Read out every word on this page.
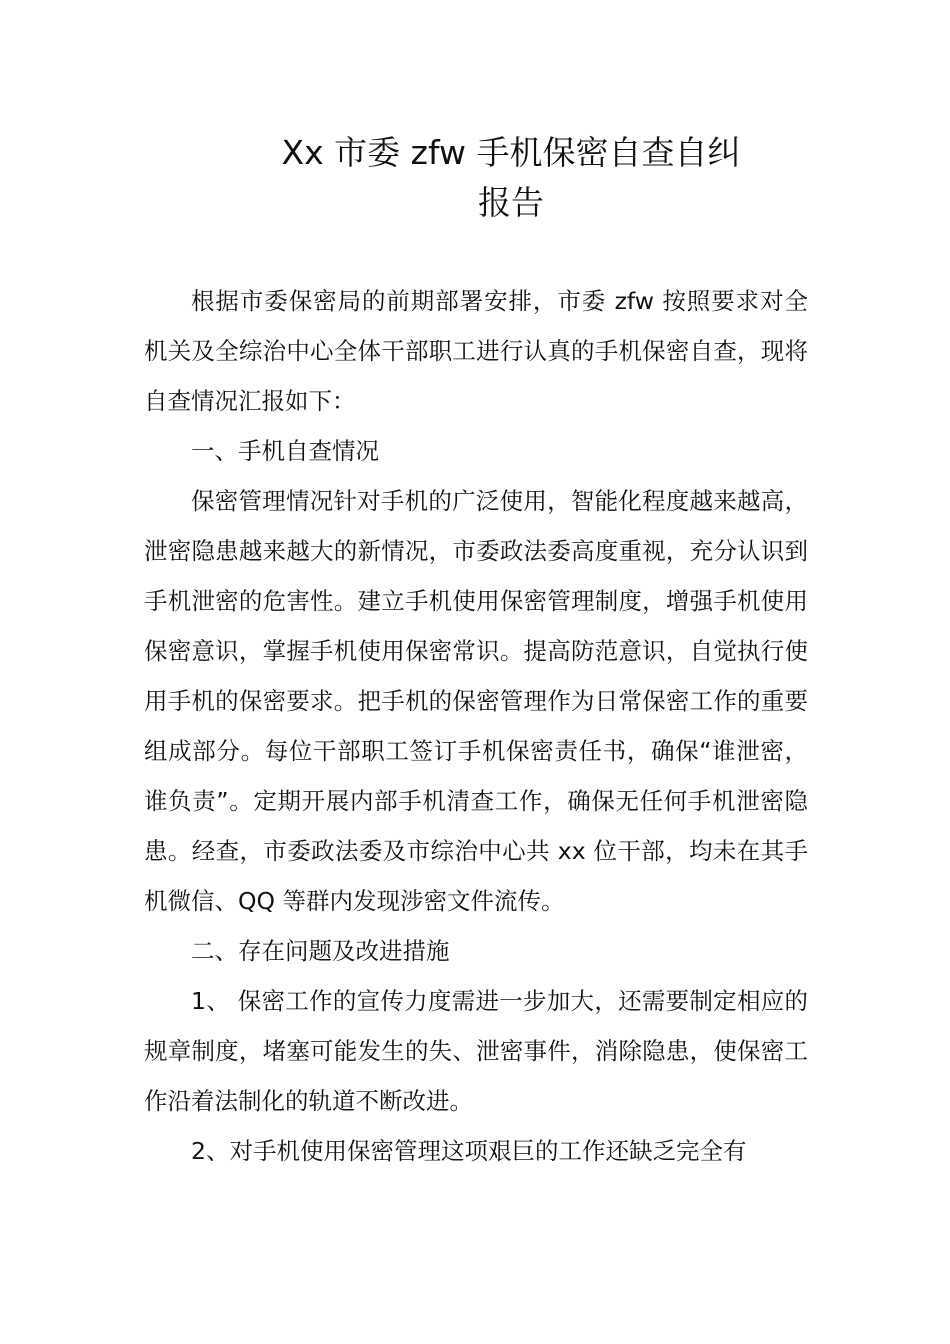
Xx 市委 zfw 手机保密自查自纠
报告

根据市委保密局的前期部署安排，市委 zfw 按照要求对全机关及全综治中心全体干部职工进行认真的手机保密自查，现将自查情况汇报如下：

一、手机自查情况

保密管理情况针对手机的广泛使用，智能化程度越来越高，泄密隐患越来越大的新情况，市委政法委高度重视，充分认识到手机泄密的危害性。建立手机使用保密管理制度，增强手机使用保密意识，掌握手机使用保密常识。提高防范意识，自觉执行使用手机的保密要求。把手机的保密管理作为日常保密工作的重要组成部分。每位干部职工签订手机保密责任书，确保“谁泄密，谁负责”。定期开展内部手机清查工作，确保无任何手机泄密隐患。经查，市委政法委及市综治中心共 xx 位干部，均未在其手机微信、QQ 等群内发现涉密文件流传。

二、存在问题及改进措施

1、 保密工作的宣传力度需进一步加大，还需要制定相应的规章制度，堵塞可能发生的失、泄密事件，消除隐患，使保密工作沿着法制化的轨道不断改进。

2、对手机使用保密管理这项艰巨的工作还缺乏完全有
